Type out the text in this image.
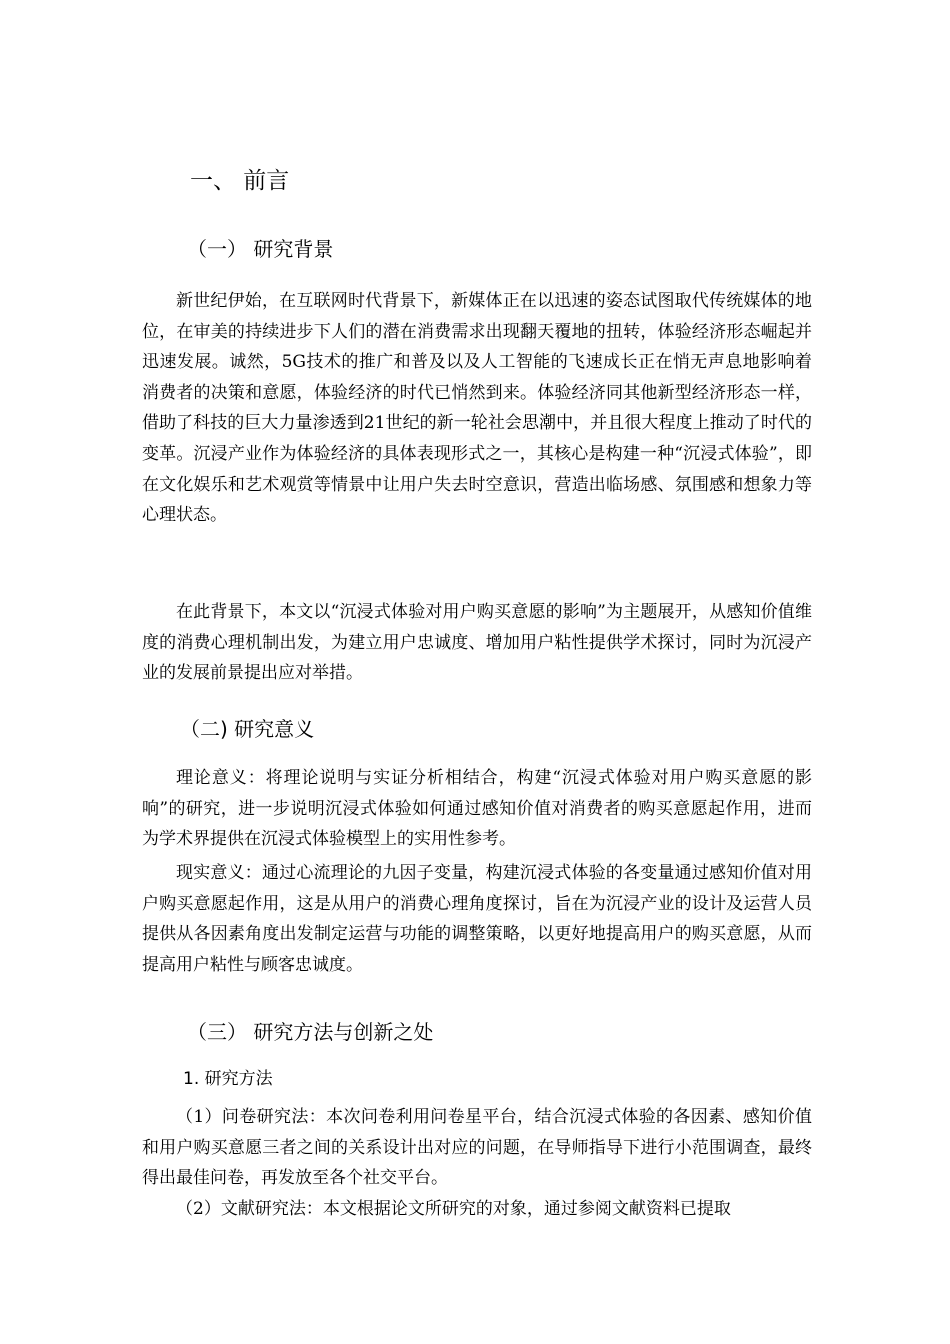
一、 前言
（一） 研究背景

新世纪伊始，在互联网时代背景下，新媒体正在以迅速的姿态试图取代传统媒体的地位，在审美的持续进步下人们的潜在消费需求出现翻天覆地的扭转，体验经济形态崛起并迅速发展。诚然，5G技术的推广和普及以及人工智能的飞速成长正在悄无声息地影响着消费者的决策和意愿，体验经济的时代已悄然到来。体验经济同其他新型经济形态一样，借助了科技的巨大力量渗透到21世纪的新一轮社会思潮中，并且很大程度上推动了时代的变革。沉浸产业作为体验经济的具体表现形式之一，其核心是构建一种“沉浸式体验”，即在文化娱乐和艺术观赏等情景中让用户失去时空意识，营造出临场感、氛围感和想象力等心理状态。

在此背景下，本文以“沉浸式体验对用户购买意愿的影响”为主题展开，从感知价值维度的消费心理机制出发，为建立用户忠诚度、增加用户粘性提供学术探讨，同时为沉浸产业的发展前景提出应对举措。

（二) 研究意义

理论意义：将理论说明与实证分析相结合，构建“沉浸式体验对用户购买意愿的影响”的研究，进一步说明沉浸式体验如何通过感知价值对消费者的购买意愿起作用，进而为学术界提供在沉浸式体验模型上的实用性参考。

现实意义：通过心流理论的九因子变量，构建沉浸式体验的各变量通过感知价值对用户购买意愿起作用，这是从用户的消费心理角度探讨，旨在为沉浸产业的设计及运营人员提供从各因素角度出发制定运营与功能的调整策略，以更好地提高用户的购买意愿，从而提高用户粘性与顾客忠诚度。

（三） 研究方法与创新之处
1. 研究方法

（1）问卷研究法：本次问卷利用问卷星平台，结合沉浸式体验的各因素、感知价值和用户购买意愿三者之间的关系设计出对应的问题，在导师指导下进行小范围调查，最终得出最佳问卷，再发放至各个社交平台。

（2）文献研究法：本文根据论文所研究的对象，通过参阅文献资料已提取
